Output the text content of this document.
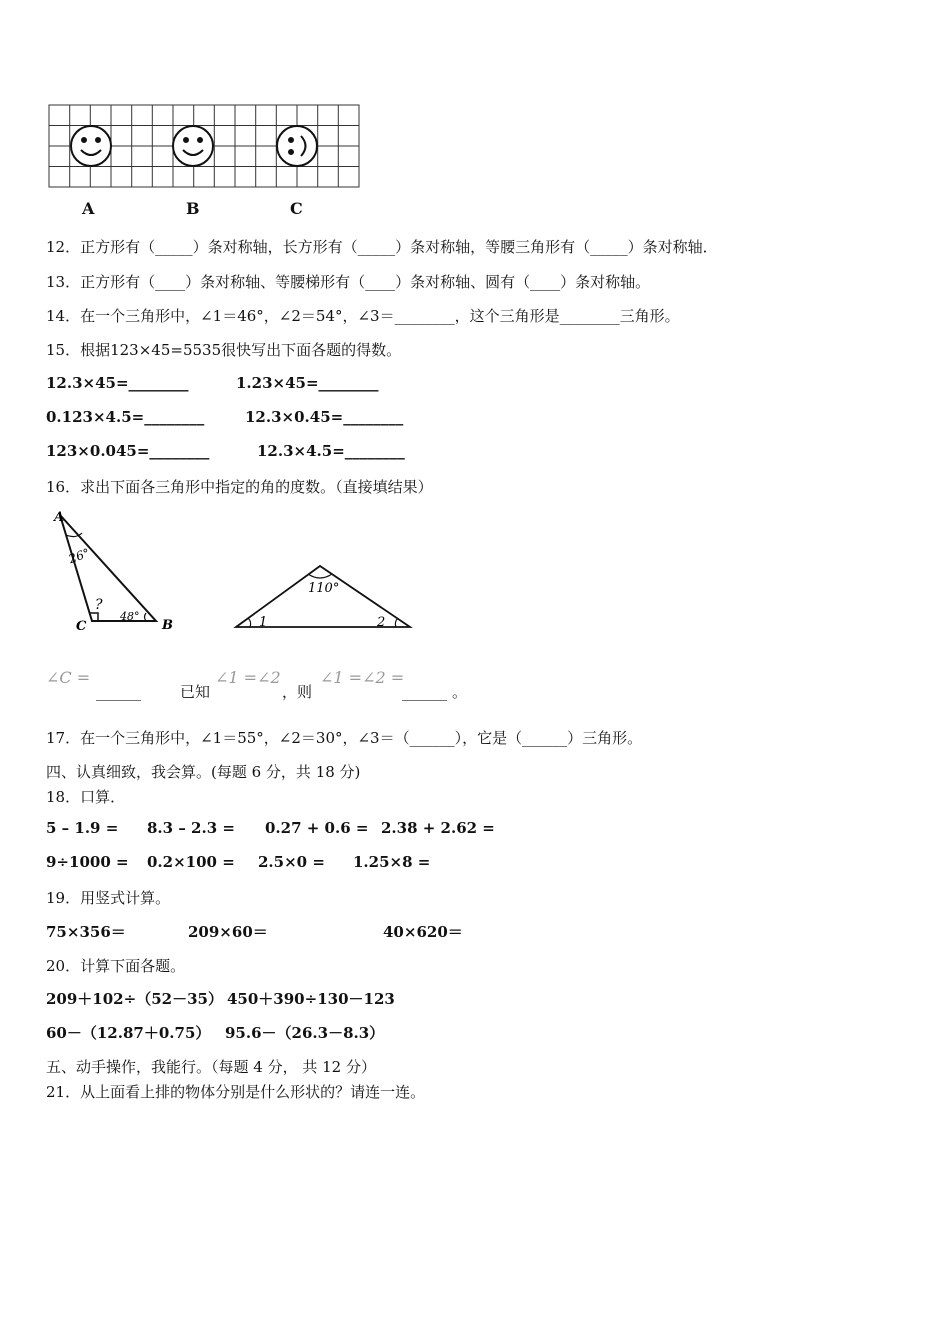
A	B	C
12．正方形有（_____）条对称轴，长方形有（_____）条对称轴，等腰三角形有（_____）条对称轴．
13．正方形有（____）条对称轴、等腰梯形有（____）条对称轴、圆有（____）条对称轴。
14．在一个三角形中，∠1＝46°，∠2＝54°，∠3＝________，这个三角形是________三角形。
15．根据123×45=5535很快写出下面各题的得数。
12.3×45=________	1.23×45=________
0.123×4.5=________	12.3×0.45=________
123×0.045=________	12.3×4.5=________
16．求出下面各三角形中指定的角的度数。（直接填结果）
A
C	B
26°
?
48°
110°
1	2
∠C =
______	已知
∠1 =∠2
，则
∠1 =∠2 =
______ 。
17．在一个三角形中，∠1＝55°，∠2＝30°，∠3＝（______），它是（______）三角形。
四、认真细致，我会算。(每题 6 分，共 18 分)
18．口算．
5 – 1.9 = 8.3 – 2.3 = 0.27 + 0.6 = 2.38 + 2.62 =
9÷1000 = 0.2×100 = 2.5×0 = 1.25×8 =
19．用竖式计算。
75×356＝	209×60＝	40×620＝
20．计算下面各题。
209＋102÷（52－35） 450＋390÷130－123
60－（12.87＋0.75） 95.6－（26.3－8.3）
五、动手操作，我能行。（每题 4 分， 共 12 分）
21．从上面看上排的物体分别是什么形状的？请连一连。
